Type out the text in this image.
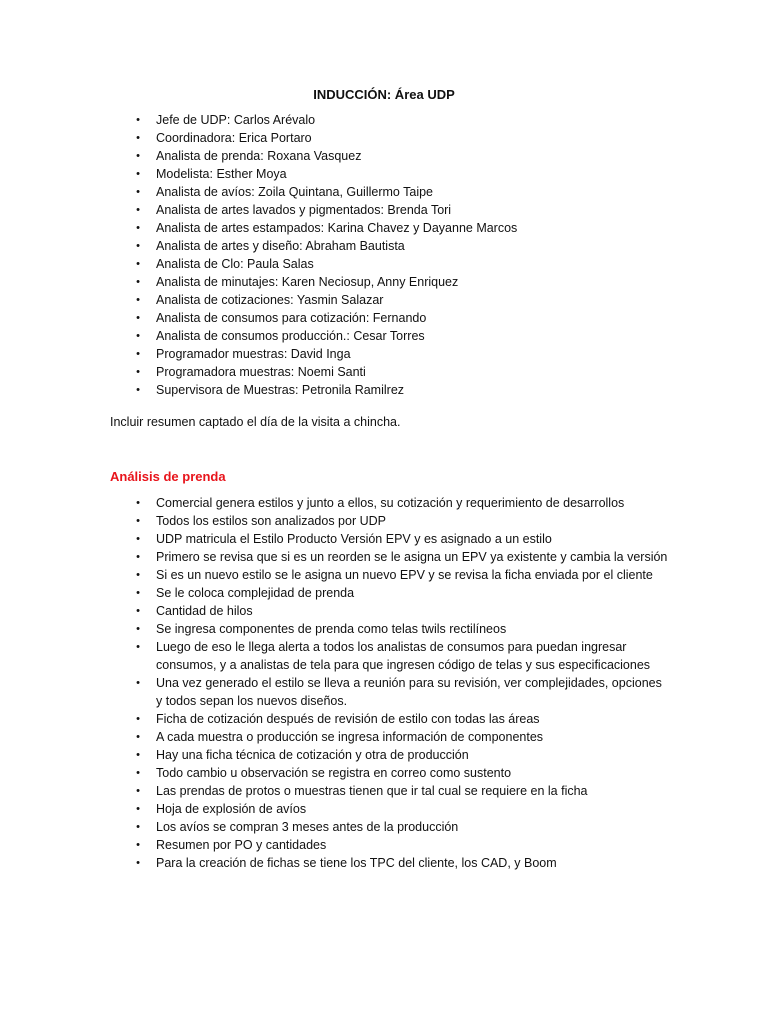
INDUCCIÓN: Área UDP
• Jefe de UDP: Carlos Arévalo
• Coordinadora: Erica Portaro
• Analista de prenda: Roxana Vasquez
• Modelista: Esther Moya
• Analista de avíos: Zoila Quintana, Guillermo Taipe
• Analista de artes lavados y pigmentados: Brenda Tori
• Analista de artes estampados: Karina Chavez y Dayanne Marcos
• Analista de artes y diseño: Abraham Bautista
• Analista de Clo: Paula Salas
• Analista de minutajes: Karen Neciosup, Anny Enriquez
• Analista de cotizaciones: Yasmin Salazar
• Analista de consumos para cotización: Fernando
• Analista de consumos producción.: Cesar Torres
• Programador muestras: David Inga
• Programadora muestras: Noemi Santi
• Supervisora de Muestras: Petronila Ramilrez
Incluir resumen captado el día de la visita a chincha.
Análisis de prenda
• Comercial genera estilos y junto a ellos, su cotización y requerimiento de desarrollos
• Todos los estilos son analizados por UDP
• UDP matricula el Estilo Producto Versión EPV y es asignado a un estilo
• Primero se revisa que si es un reorden se le asigna un EPV ya existente y cambia la versión
• Si es un nuevo estilo se le asigna un nuevo EPV y se revisa la ficha enviada por el cliente
• Se le coloca complejidad de prenda
• Cantidad de hilos
• Se ingresa componentes de prenda como telas twils rectilíneos
• Luego de eso le llega alerta a todos los analistas de consumos para puedan ingresar consumos, y a analistas de tela para que ingresen código de telas y sus especificaciones
• Una vez generado el estilo se lleva a reunión para su revisión, ver complejidades, opciones y todos sepan los nuevos diseños.
• Ficha de cotización después de revisión de estilo con todas las áreas
• A cada muestra o producción se ingresa información de componentes
• Hay una ficha técnica de cotización y otra de producción
• Todo cambio u observación se registra en correo como sustento
• Las prendas de protos o muestras tienen que ir tal cual se requiere en la ficha
• Hoja de explosión de avíos
• Los avíos se compran 3 meses antes de la producción
• Resumen por PO y cantidades
• Para la creación de fichas se tiene los TPC del cliente, los CAD, y Boom
